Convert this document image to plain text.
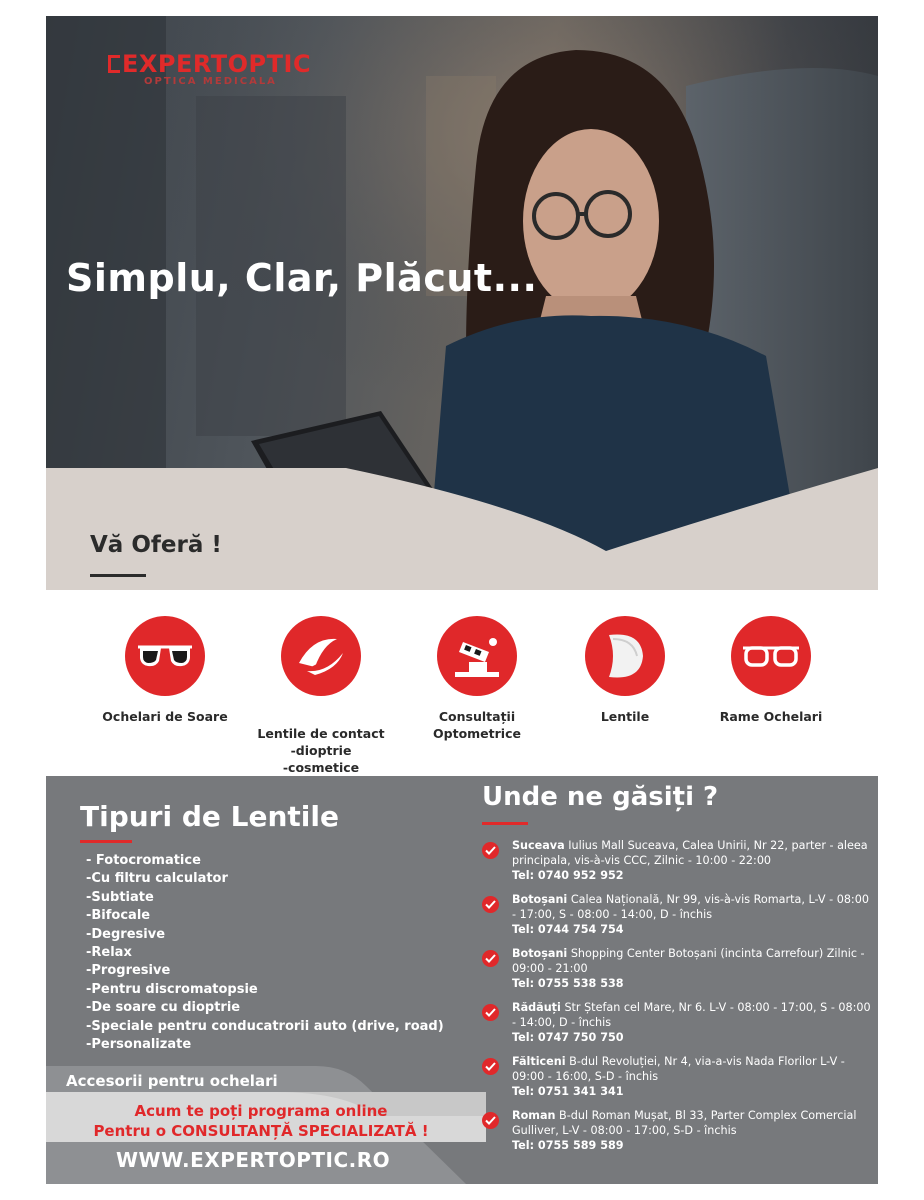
EXPERTOPTIC
OPTICA MEDICALA
Simplu, Clar, Plăcut...
Vă Oferă !
Ochelari de Soare

Lentile de contact
-dioptrie
-cosmetice

Consultații
Optometrice
Lentile	Rame Ochelari
Tipuri de Lentile
- Fotocromatice
-Cu filtru calculator
-Subtiate
-Bifocale
-Degresive
-Relax
-Progresive
-Pentru discromatopsie
-De soare cu dioptrie
-Speciale pentru conducatrorii auto (drive, road)
-Personalizate
Accesorii pentru ochelari
Acum te poți programa online
Pentru o CONSULTANȚĂ SPECIALIZATĂ !
WWW.EXPERTOPTIC.RO
Unde ne găsiți ?
Suceava Iulius Mall Suceava, Calea Unirii, Nr 22, parter - aleea principala, vis-à-vis CCC, Zilnic - 10:00 - 22:00
Tel: 0740 952 952
Botoșani Calea Națională, Nr 99, vis-à-vis Romarta, L-V - 08:00 - 17:00, S - 08:00 - 14:00, D - închis
Tel: 0744 754 754
Botoșani Shopping Center Botoșani (incinta Carrefour) Zilnic - 09:00 - 21:00
Tel: 0755 538 538
Rădăuți Str Ștefan cel Mare, Nr 6. L-V - 08:00 - 17:00, S - 08:00 - 14:00, D - închis
Tel: 0747 750 750
Fălticeni B-dul Revoluției, Nr 4, via-a-vis Nada Florilor L-V - 09:00 - 16:00, S-D - închis
Tel: 0751 341 341
Roman B-dul Roman Mușat, Bl 33, Parter Complex Comercial Gulliver, L-V - 08:00 - 17:00, S-D - închis
Tel: 0755 589 589
